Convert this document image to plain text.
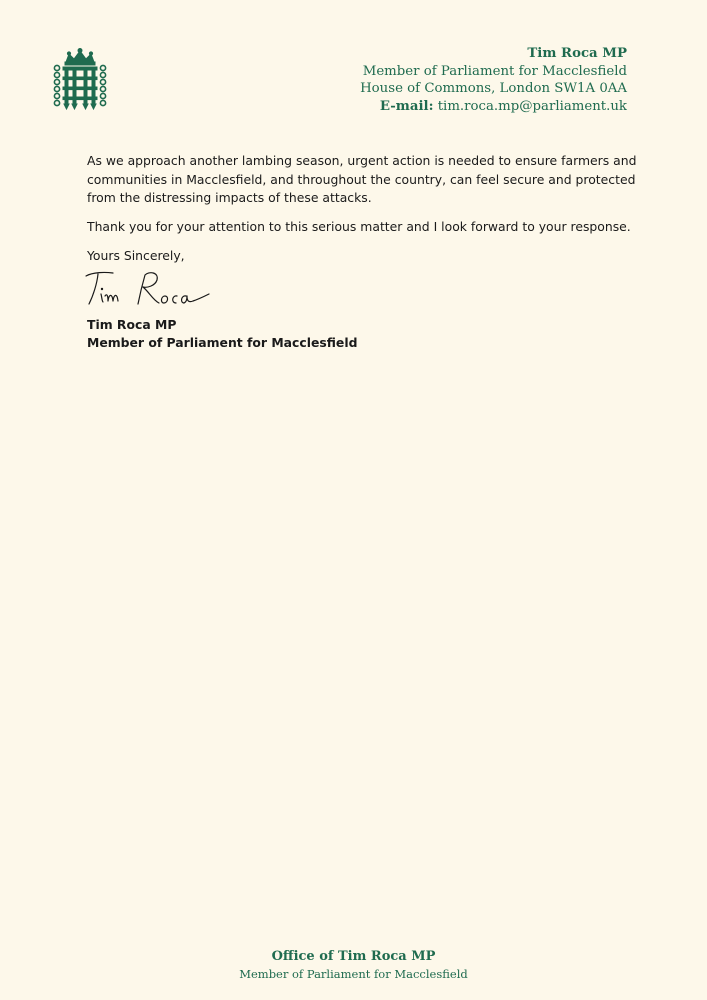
Tim Roca MP
Member of Parliament for Macclesfield
House of Commons, London SW1A 0AA
E-mail: tim.roca.mp@parliament.uk

As we approach another lambing season, urgent action is needed to ensure farmers and communities in Macclesfield, and throughout the country, can feel secure and protected from the distressing impacts of these attacks.

Thank you for your attention to this serious matter and I look forward to your response.

Yours Sincerely,

Tim Roca MP
Member of Parliament for Macclesfield
Office of Tim Roca MP
Member of Parliament for Macclesfield
